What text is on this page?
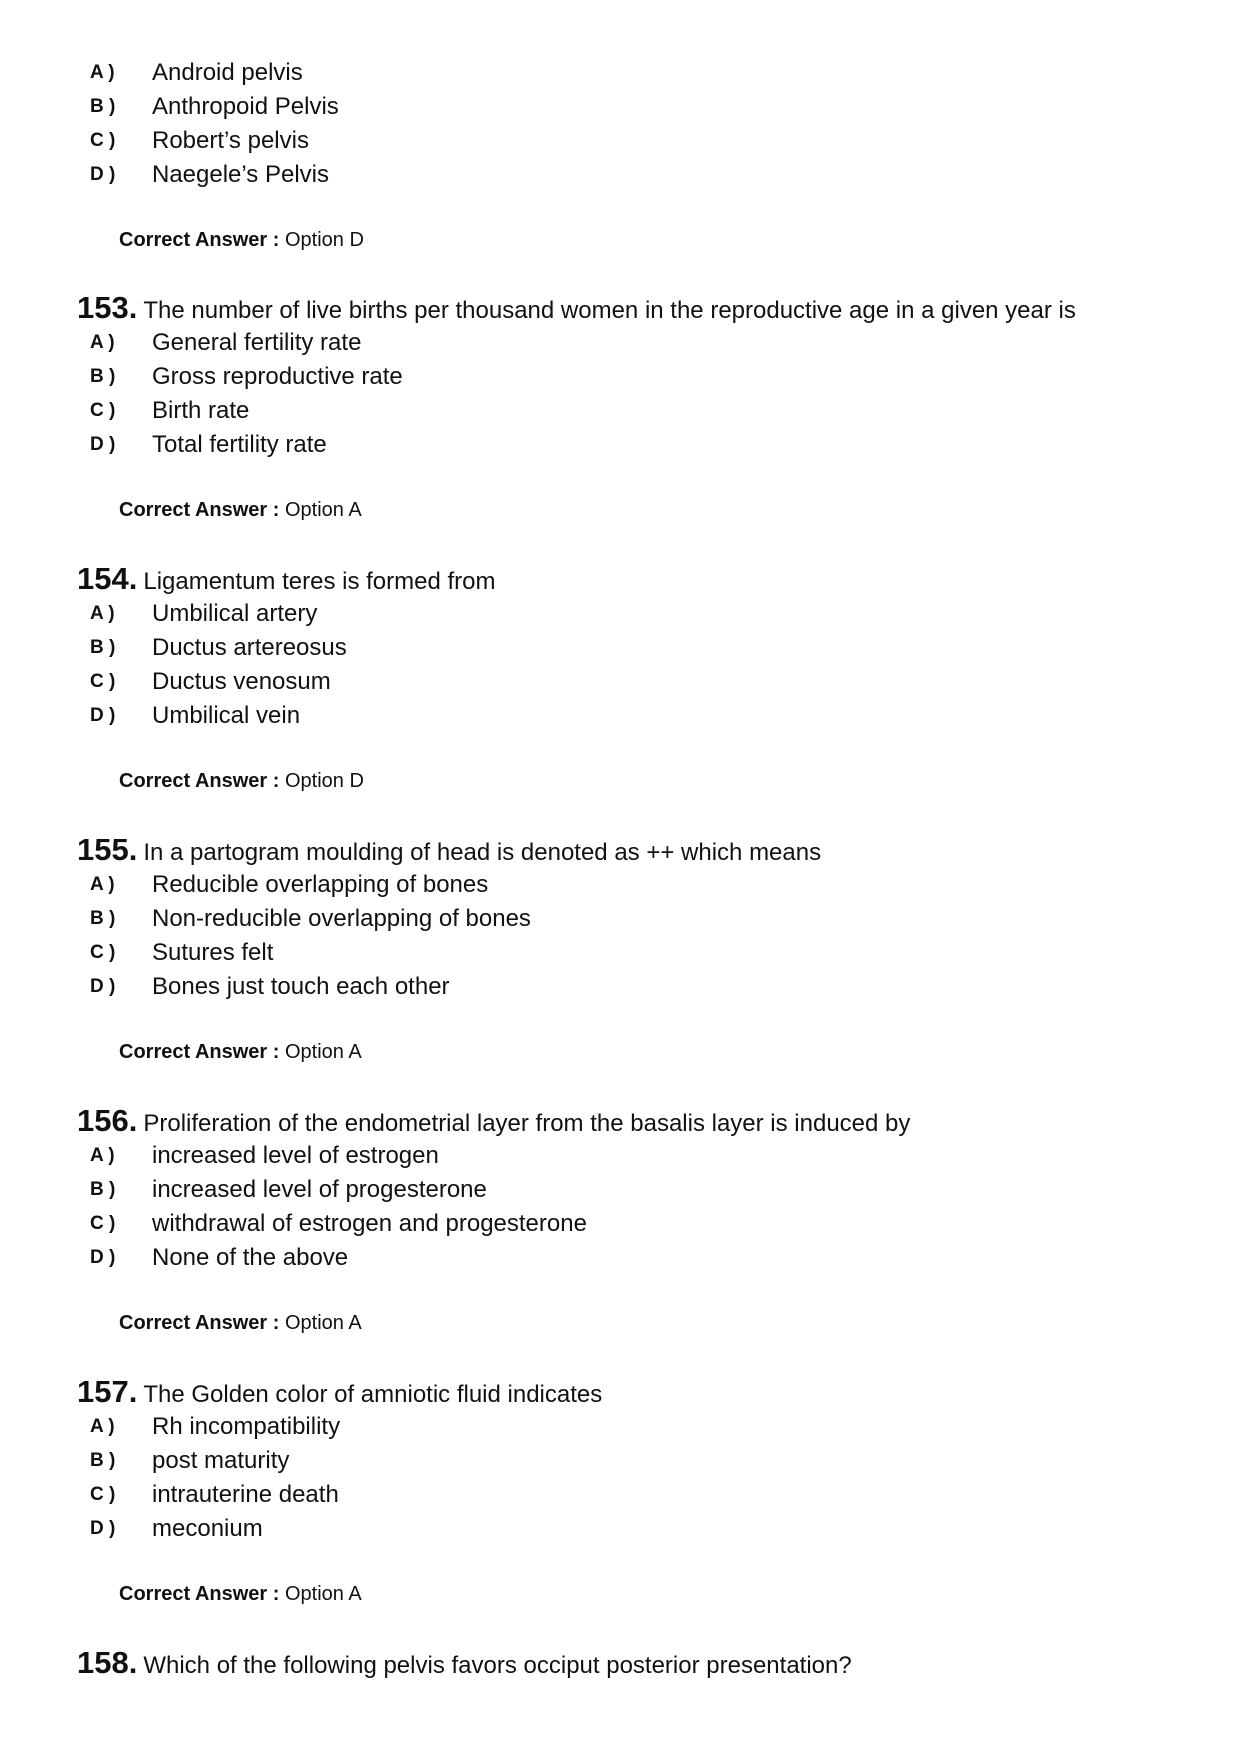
A ) Android pelvis
B ) Anthropoid Pelvis
C ) Robert’s pelvis
D ) Naegele’s Pelvis
Correct Answer : Option D
153. The number of live births per thousand women in the reproductive age in a given year is
A ) General fertility rate
B ) Gross reproductive rate
C ) Birth rate
D ) Total fertility rate
Correct Answer : Option A
154. Ligamentum teres is formed from
A ) Umbilical artery
B ) Ductus artereosus
C ) Ductus venosum
D ) Umbilical vein
Correct Answer : Option D
155. In a partogram moulding of head is denoted as ++ which means
A ) Reducible overlapping of bones
B ) Non-reducible overlapping of bones
C ) Sutures felt
D ) Bones just touch each other
Correct Answer : Option A
156. Proliferation of the endometrial layer from the basalis layer is induced by
A ) increased level of estrogen
B ) increased level of progesterone
C ) withdrawal of estrogen and progesterone
D ) None of the above
Correct Answer : Option A
157. The Golden color of amniotic fluid indicates
A ) Rh incompatibility
B ) post maturity
C ) intrauterine death
D ) meconium
Correct Answer : Option A
158. Which of the following pelvis favors occiput posterior presentation?
